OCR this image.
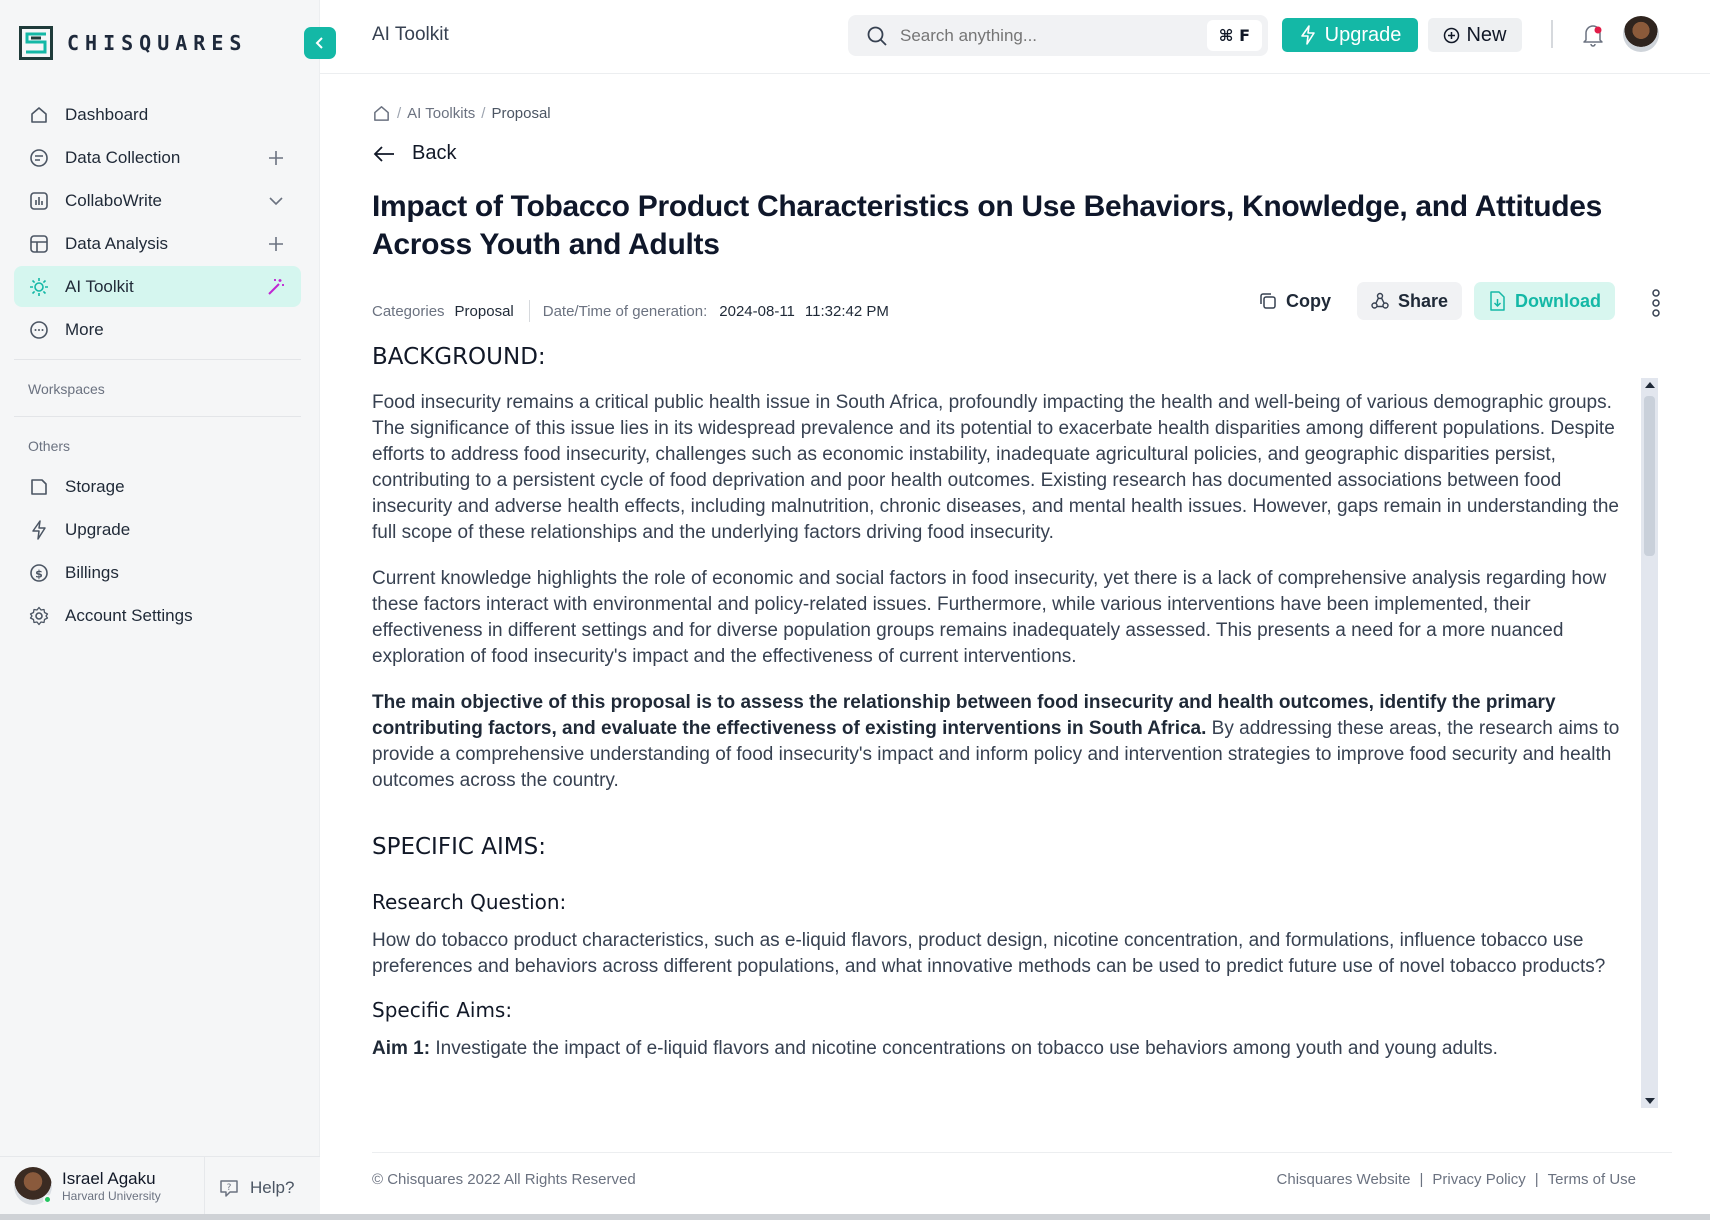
CHISQUARES
Dashboard
Data Collection
CollaboWrite
Data Analysis
AI Toolkit
More
Workspaces
Others
Storage
Upgrade
$ Billings
Account Settings
Israel Agaku
Harvard University
? Help?
AI Toolkit
Search anything...	⌘ F	Upgrade	New
/ AI Toolkits / Proposal
Back
Impact of Tobacco Product Characteristics on Use Behaviors, Knowledge, and Attitudes Across Youth and Adults
Categories Proposal Date/Time of generation: 2024-08-11 11:32:42 PM
Copy	Share	Download
BACKGROUND:

Food insecurity remains a critical public health issue in South Africa, profoundly impacting the health and well-being of various demographic groups. The significance of this issue lies in its widespread prevalence and its potential to exacerbate health disparities among different populations. Despite efforts to address food insecurity, challenges such as economic instability, inadequate agricultural policies, and geographic disparities persist, contributing to a persistent cycle of food deprivation and poor health outcomes. Existing research has documented associations between food insecurity and adverse health effects, including malnutrition, chronic diseases, and mental health issues. However, gaps remain in understanding the full scope of these relationships and the underlying factors driving food insecurity.

Current knowledge highlights the role of economic and social factors in food insecurity, yet there is a lack of comprehensive analysis regarding how these factors interact with environmental and policy-related issues. Furthermore, while various interventions have been implemented, their effectiveness in different settings and for diverse population groups remains inadequately assessed. This presents a need for a more nuanced exploration of food insecurity's impact and the effectiveness of current interventions.

The main objective of this proposal is to assess the relationship between food insecurity and health outcomes, identify the primary contributing factors, and evaluate the effectiveness of existing interventions in South Africa. By addressing these areas, the research aims to provide a comprehensive understanding of food insecurity's impact and inform policy and intervention strategies to improve food security and health outcomes across the country.

SPECIFIC AIMS:
Research Question:

How do tobacco product characteristics, such as e-liquid flavors, product design, nicotine concentration, and formulations, influence tobacco use preferences and behaviors across different populations, and what innovative methods can be used to predict future use of novel tobacco products?

Specific Aims:

Aim 1: Investigate the impact of e-liquid flavors and nicotine concentrations on tobacco use behaviors among youth and young adults.

© Chisquares 2022 All Rights Reserved	Chisquares Website | Privacy Policy | Terms of Use
